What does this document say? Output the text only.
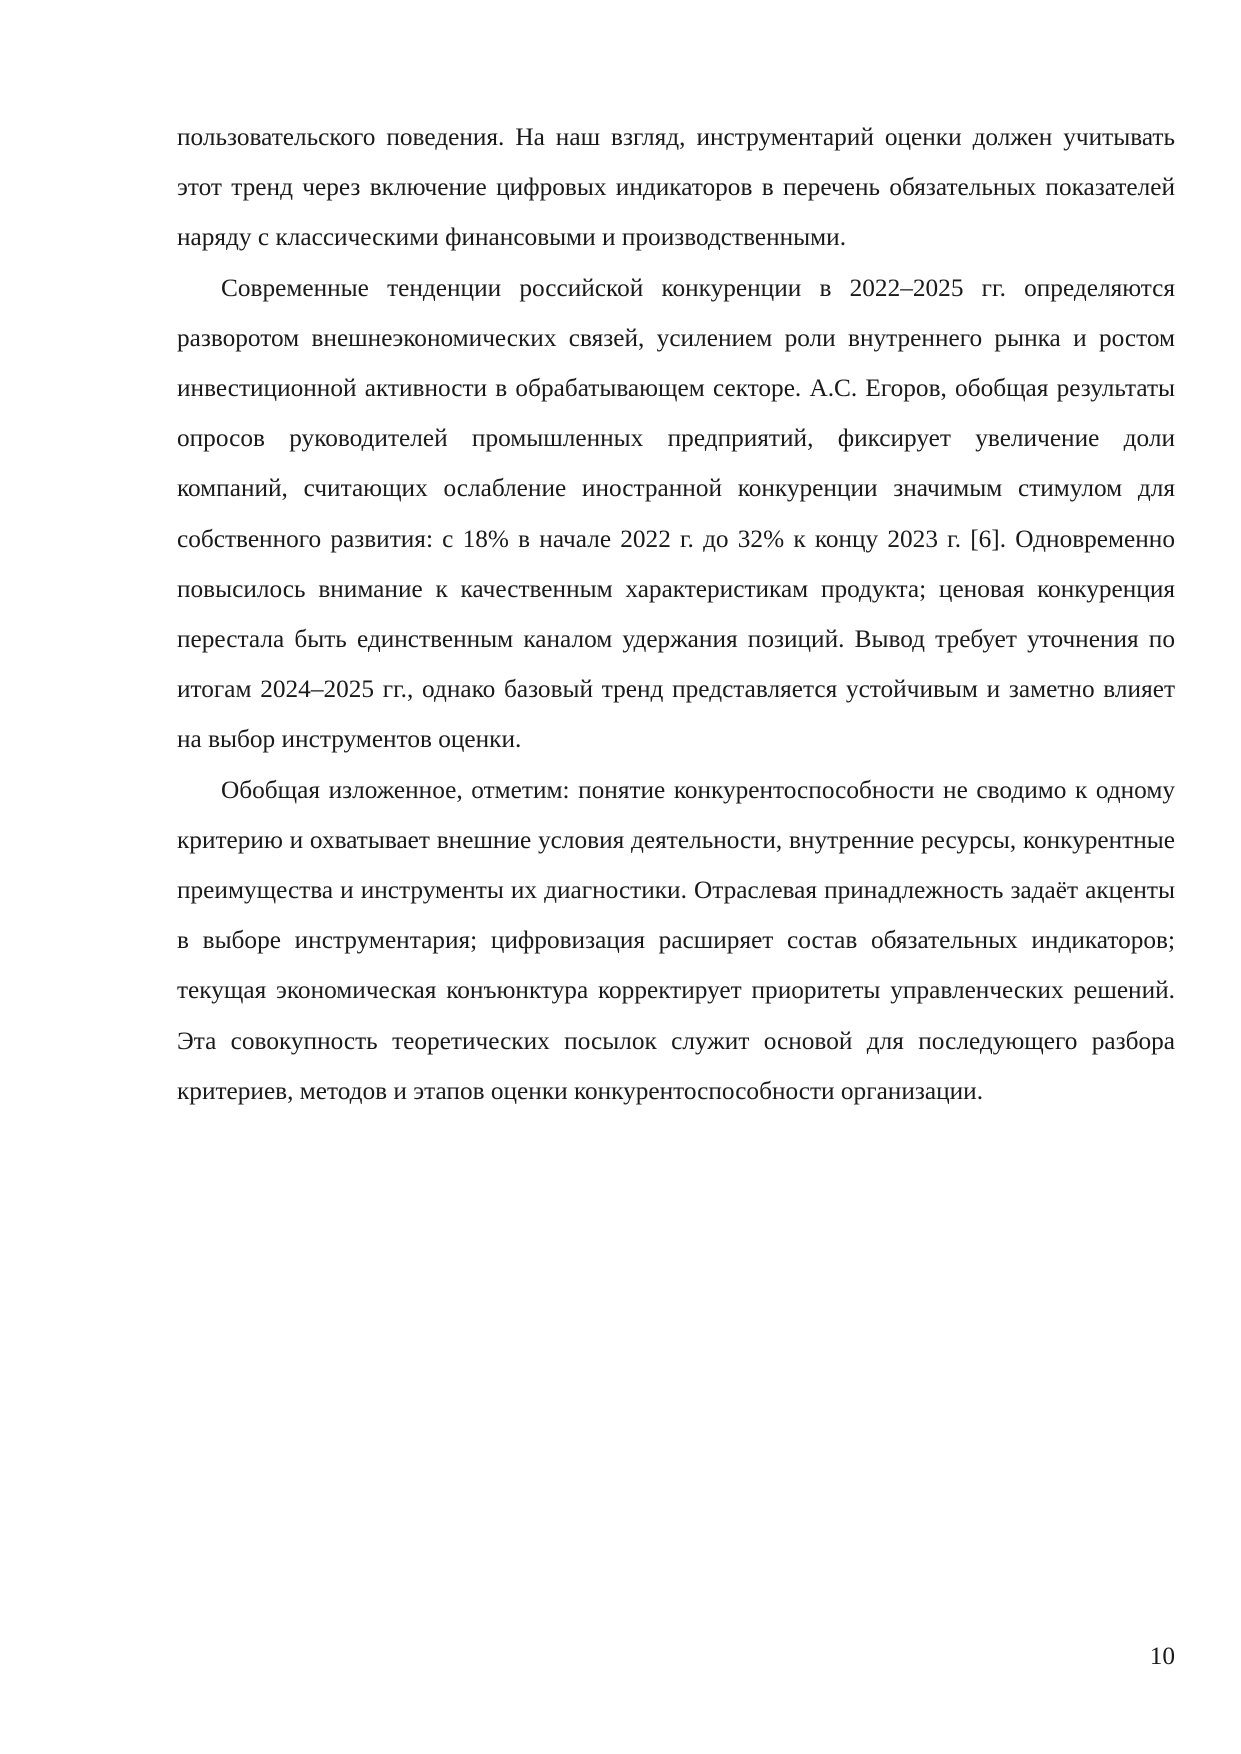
пользовательского поведения. На наш взгляд, инструментарий оценки должен учитывать этот тренд через включение цифровых индикаторов в перечень обязательных показателей наряду с классическими финансовыми и производственными.

Современные тенденции российской конкуренции в 2022–2025 гг. определяются разворотом внешнеэкономических связей, усилением роли внутреннего рынка и ростом инвестиционной активности в обрабатывающем секторе. А.С. Егоров, обобщая результаты опросов руководителей промышленных предприятий, фиксирует увеличение доли компаний, считающих ослабление иностранной конкуренции значимым стимулом для собственного развития: с 18% в начале 2022 г. до 32% к концу 2023 г. [6]. Одновременно повысилось внимание к качественным характеристикам продукта; ценовая конкуренция перестала быть единственным каналом удержания позиций. Вывод требует уточнения по итогам 2024–2025 гг., однако базовый тренд представляется устойчивым и заметно влияет на выбор инструментов оценки.

Обобщая изложенное, отметим: понятие конкурентоспособности не сводимо к одному критерию и охватывает внешние условия деятельности, внутренние ресурсы, конкурентные преимущества и инструменты их диагностики. Отраслевая принадлежность задаёт акценты в выборе инструментария; цифровизация расширяет состав обязательных индикаторов; текущая экономическая конъюнктура корректирует приоритеты управленческих решений. Эта совокупность теоретических посылок служит основой для последующего разбора критериев, методов и этапов оценки конкурентоспособности организации.

10
